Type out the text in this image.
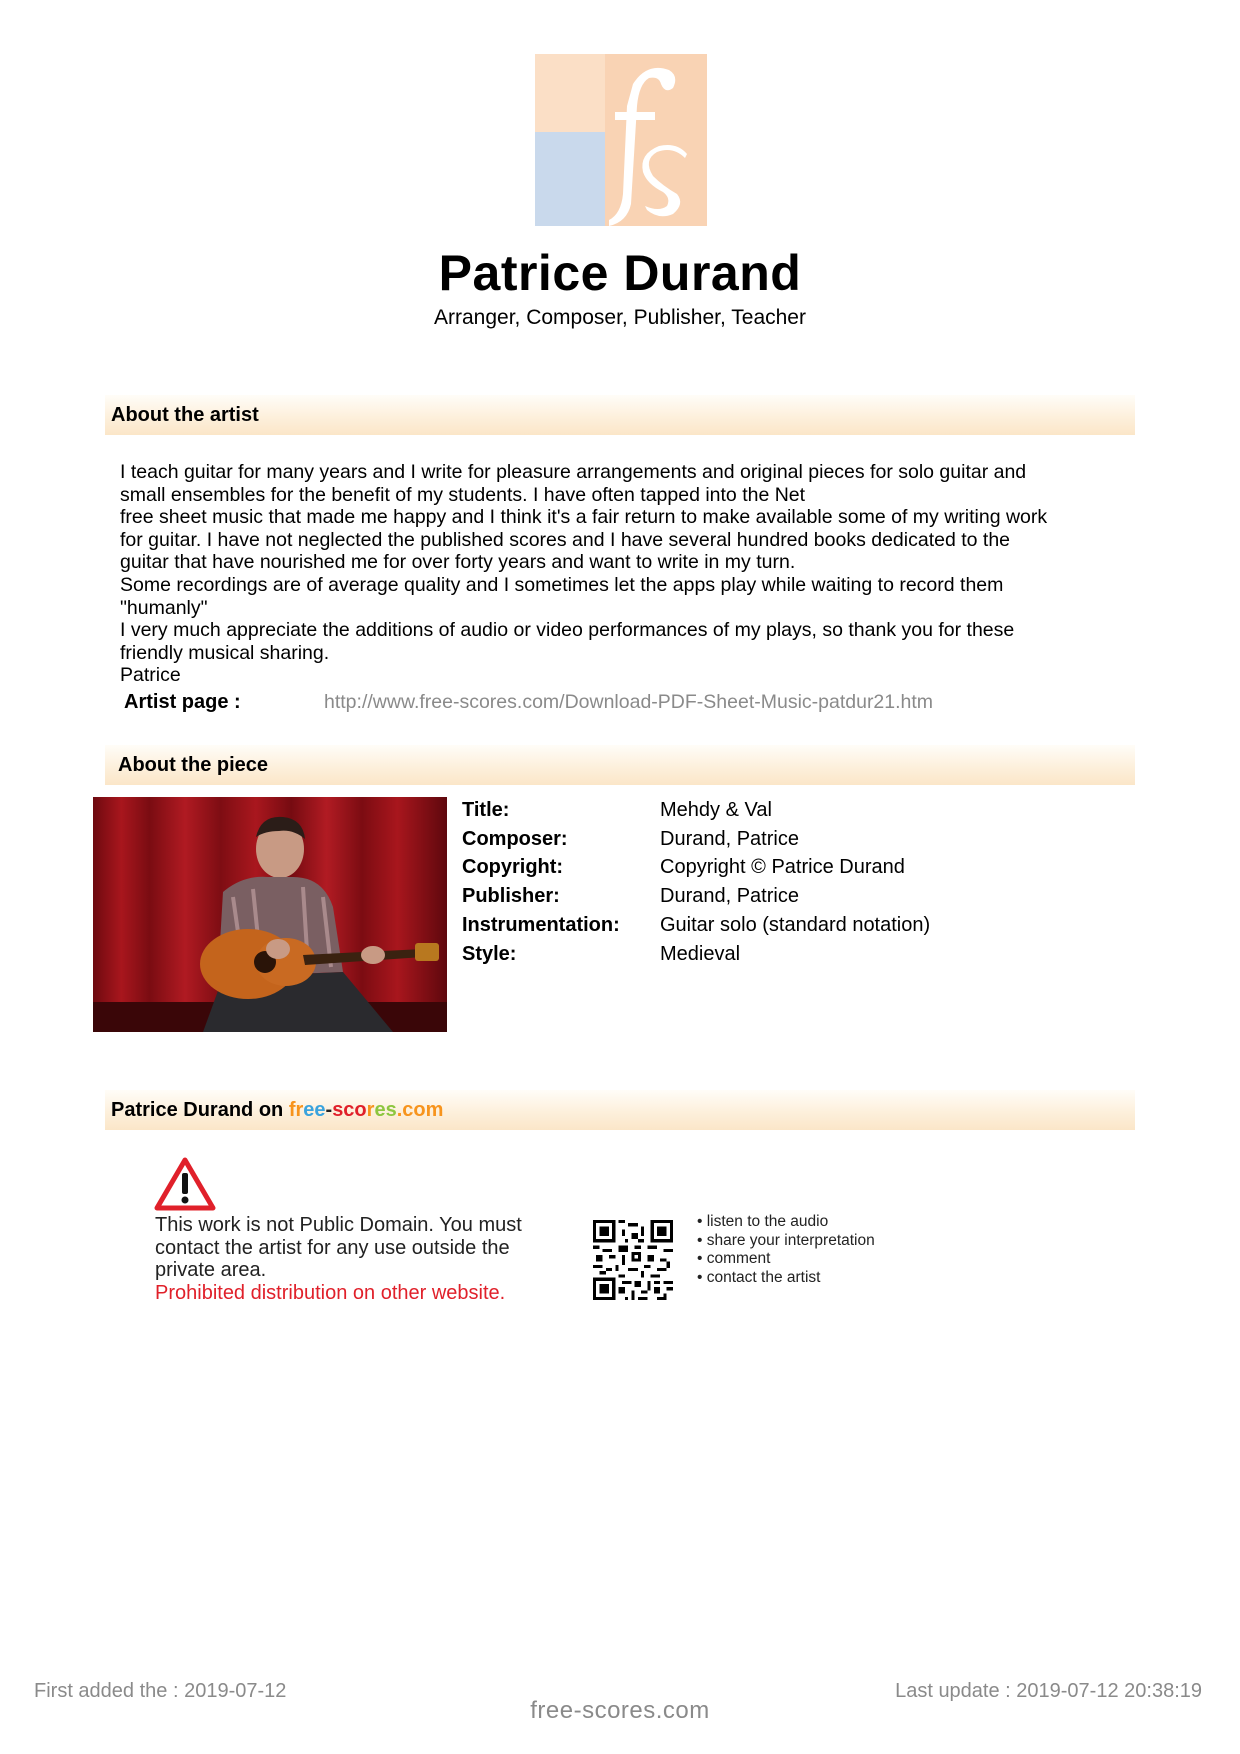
Patrice Durand
Arranger, Composer, Publisher, Teacher
About the artist

I teach guitar for many years and I write for pleasure arrangements and original pieces for solo guitar and

small ensembles for the benefit of my students. I have often tapped into the Net

free sheet music that made me happy and I think it's a fair return to make available some of my writing work

for guitar. I have not neglected the published scores and I have several hundred books dedicated to the

guitar that have nourished me for over forty years and want to write in my turn.

Some recordings are of average quality and I sometimes let the apps play while waiting to record them

"humanly"

I very much appreciate the additions of audio or video performances of my plays, so thank you for these

friendly musical sharing.

Patrice

Artist page :	http://www.free-scores.com/Download-PDF-Sheet-Music-patdur21.htm
About the piece
Title:	Mehdy & Val
Composer:	Durand, Patrice
Copyright:	Copyright © Patrice Durand
Publisher:	Durand, Patrice
Instrumentation: Guitar solo (standard notation)
Style:	Medieval
Patrice Durand on free-scores.com
This work is not Public Domain. You must contact the artist for any use outside the private area.
Prohibited distribution on other website.
• listen to the audio
• share your interpretation
• comment
• contact the artist
First added the : 2019-07-12	Last update : 2019-07-12 20:38:19
free-scores.com
